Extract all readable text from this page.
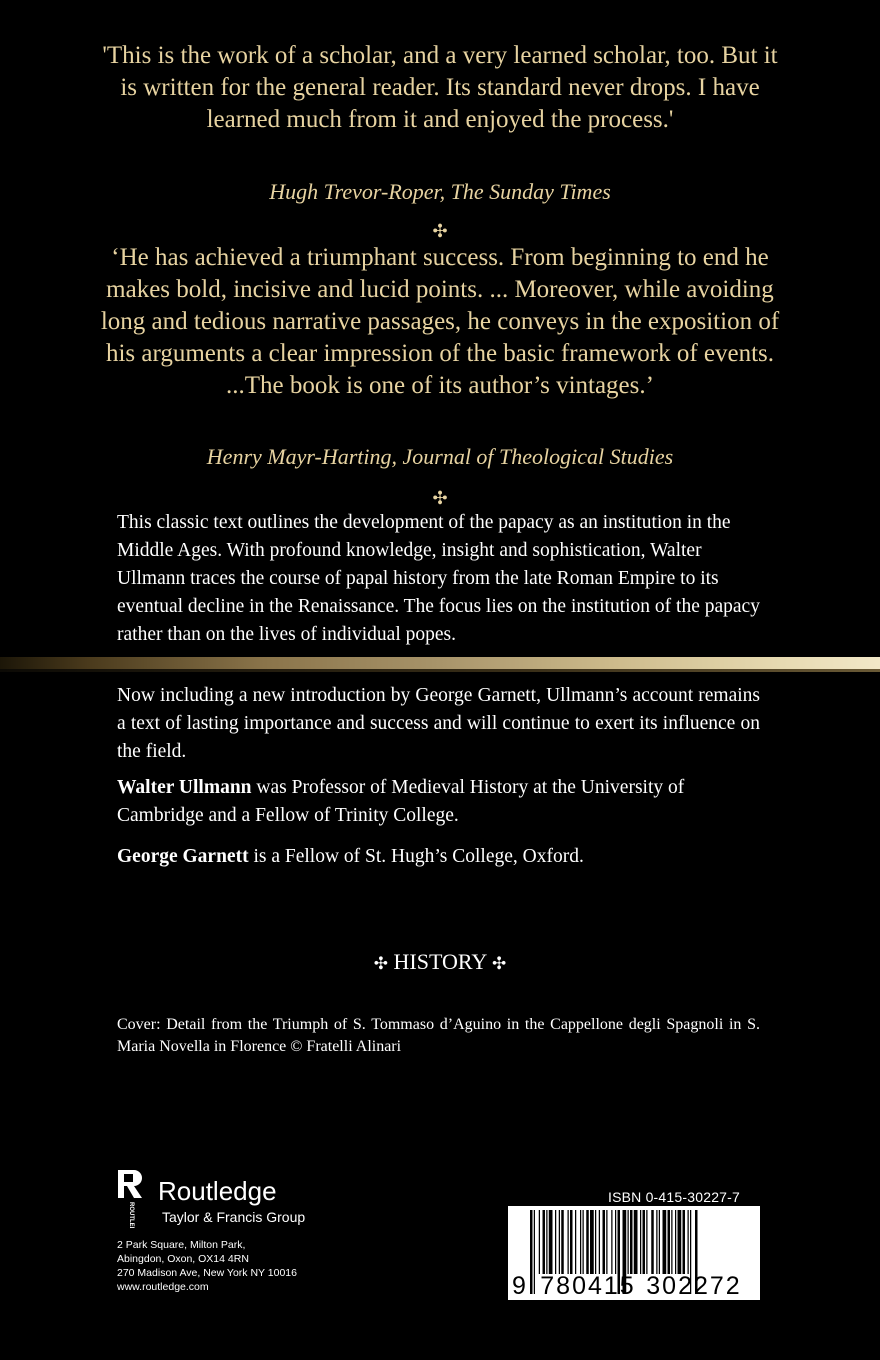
'This is the work of a scholar, and a very learned scholar, too. But it is written for the general reader. Its standard never drops. I have learned much from it and enjoyed the process.'

Hugh Trevor-Roper, The Sunday Times

✣

‘He has achieved a triumphant success. From beginning to end he makes bold, incisive and lucid points. ... Moreover, while avoiding long and tedious narrative passages, he conveys in the exposition of his arguments a clear impression of the basic framework of events. ...The book is one of its author’s vintages.’

Henry Mayr-Harting, Journal of Theological Studies

✣

This classic text outlines the development of the papacy as an institution in the Middle Ages. With profound knowledge, insight and sophistication, Walter Ullmann traces the course of papal history from the late Roman Empire to its eventual decline in the Renaissance. The focus lies on the institution of the papacy rather than on the lives of individual popes.

Now including a new introduction by George Garnett, Ullmann’s account remains a text of lasting importance and success and will continue to exert its influence on the field.

Walter Ullmann was Professor of Medieval History at the University of Cambridge and a Fellow of Trinity College.

George Garnett is a Fellow of St. Hugh’s College, Oxford.

✣ HISTORY ✣

Cover: Detail from the Triumph of S. Tommaso d’Aguino in the Cappellone degli Spagnoli in S. Maria Novella in Florence © Fratelli Alinari

ROUTLEDGE
Routledge
Taylor & Francis Group
2 Park Square, Milton Park,
Abingdon, Oxon, OX14 4RN
270 Madison Ave, New York NY 10016
www.routledge.com
ISBN 0-415-30227-7
9 780415 302272
